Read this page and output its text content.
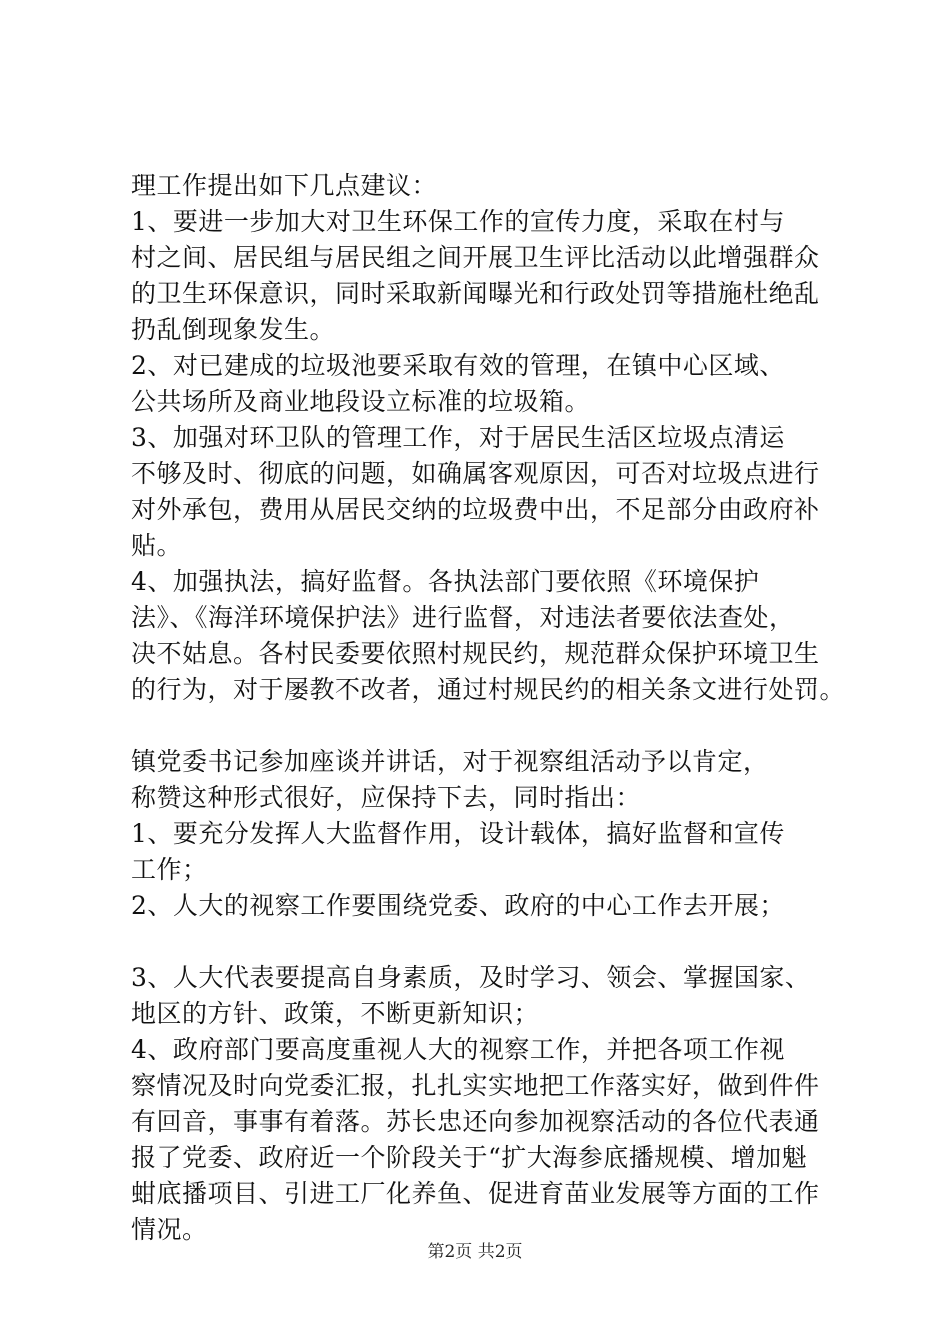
理工作提出如下几点建议：
1、要进一步加大对卫生环保工作的宣传力度，采取在村与
村之间、居民组与居民组之间开展卫生评比活动以此增强群众
的卫生环保意识，同时采取新闻曝光和行政处罚等措施杜绝乱
扔乱倒现象发生。
2、对已建成的垃圾池要采取有效的管理，在镇中心区域、
公共场所及商业地段设立标准的垃圾箱。
3、加强对环卫队的管理工作，对于居民生活区垃圾点清运
不够及时、彻底的问题，如确属客观原因，可否对垃圾点进行
对外承包，费用从居民交纳的垃圾费中出，不足部分由政府补
贴。
4、加强执法，搞好监督。各执法部门要依照《环境保护
法》、《海洋环境保护法》进行监督，对违法者要依法查处，
决不姑息。各村民委要依照村规民约，规范群众保护环境卫生
的行为，对于屡教不改者，通过村规民约的相关条文进行处罚。
镇党委书记参加座谈并讲话，对于视察组活动予以肯定，
称赞这种形式很好，应保持下去，同时指出：
1、要充分发挥人大监督作用，设计载体，搞好监督和宣传
工作；
2、人大的视察工作要围绕党委、政府的中心工作去开展；
3、人大代表要提高自身素质，及时学习、领会、掌握国家、
地区的方针、政策，不断更新知识；
4、政府部门要高度重视人大的视察工作，并把各项工作视
察情况及时向党委汇报，扎扎实实地把工作落实好，做到件件
有回音，事事有着落。苏长忠还向参加视察活动的各位代表通
报了党委、政府近一个阶段关于“扩大海参底播规模、增加魁
蚶底播项目、引进工厂化养鱼、促进育苗业发展等方面的工作
情况。
第2页 共2页
